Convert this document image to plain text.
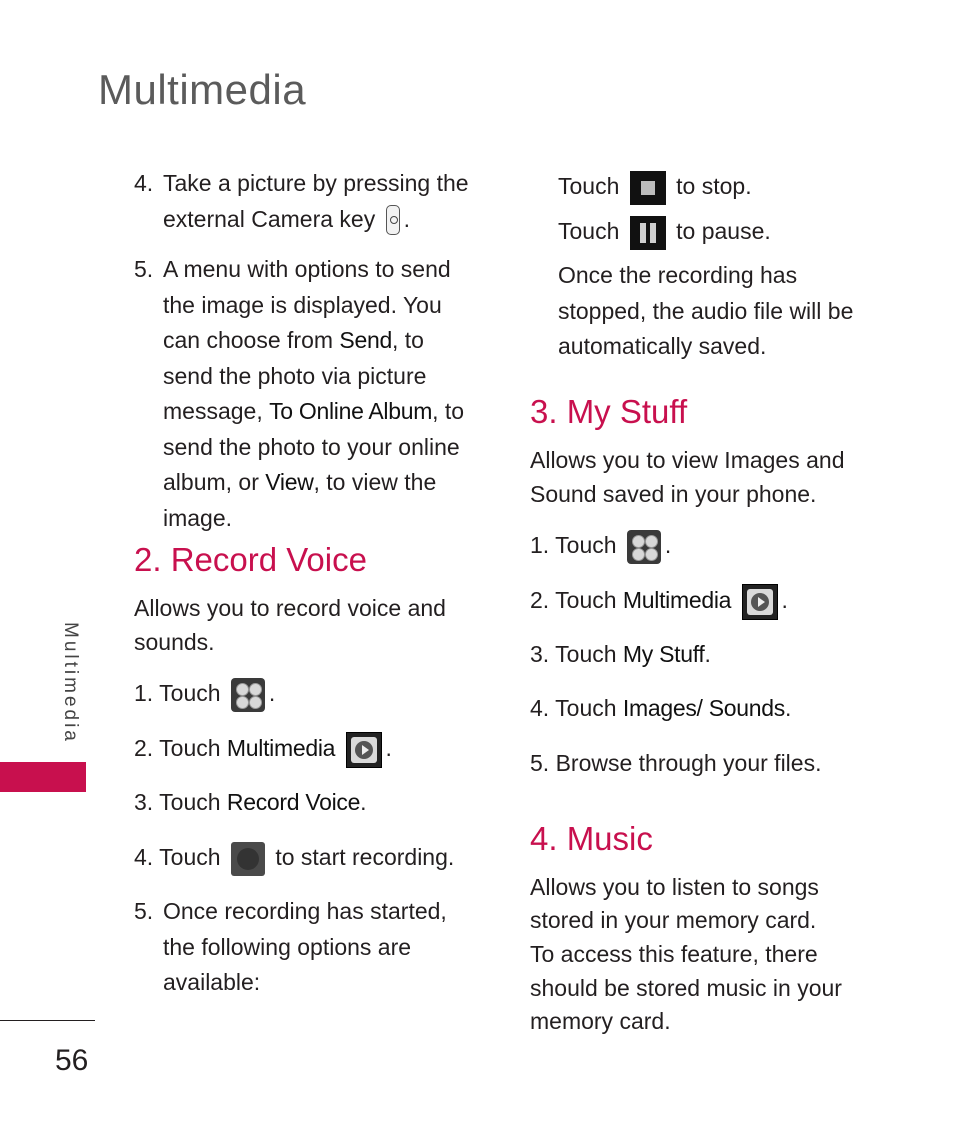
Multimedia
4. Take a picture by pressing the
external Camera key .
5. A menu with options to send the image is displayed. You can choose from Send, to send the photo via picture message, To Online Album, to send the photo to your online album, or View, to view the image.
2. Record Voice
Allows you to record voice and
sounds.
1. Touch .
2. Touch Multimedia .
3. Touch Record Voice.
4. Touch to start recording.
5. Once recording has started, the following options are available:
Touch to stop.
Touch to pause.
Once the recording has
stopped, the audio file will be
automatically saved.
3. My Stuff
Allows you to view Images and
Sound saved in your phone.
1. Touch .
2. Touch Multimedia .
3. Touch My Stuff.
4. Touch Images/ Sounds.
5. Browse through your files.
4. Music
Allows you to listen to songs
stored in your memory card.
To access this feature, there
should be stored music in your
memory card.
Multimedia
56
